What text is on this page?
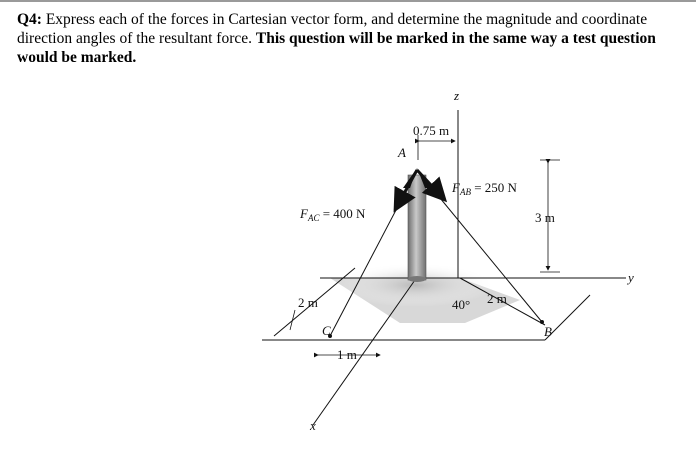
Q4: Express each of the forces in Cartesian vector form, and determine the magnitude and coordinate direction angles of the resultant force. This question will be marked in the same way a test question would be marked.
z
y
x
A
B
C
$F_{AC} = 400$ N
$F_{AB} = 250$ N
0.75 m
3 m
2 m
1 m
2 m
40°
